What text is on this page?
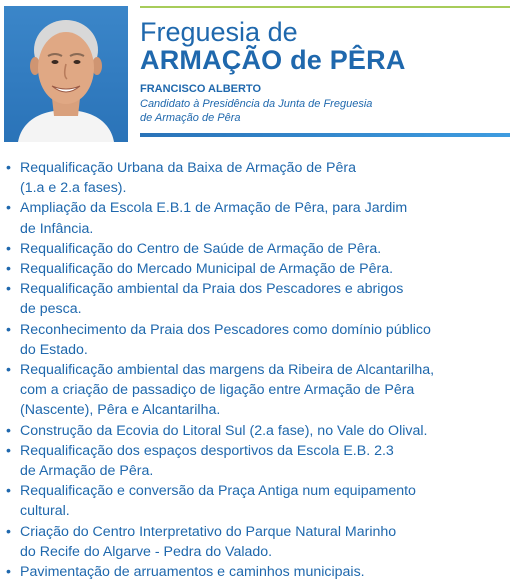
Freguesia de
ARMAÇÃO de PÊRA
FRANCISCO ALBERTO
Candidato à Presidência da Junta de Freguesia
de Armação de Pêra
• Requalificação Urbana da Baixa de Armação de Pêra
(1.a e 2.a fases).
• Ampliação da Escola E.B.1 de Armação de Pêra, para Jardim
de Infância.
• Requalificação do Centro de Saúde de Armação de Pêra.
• Requalificação do Mercado Municipal de Armação de Pêra.
• Requalificação ambiental da Praia dos Pescadores e abrigos
de pesca.
• Reconhecimento da Praia dos Pescadores como domínio público
do Estado.
• Requalificação ambiental das margens da Ribeira de Alcantarilha,
com a criação de passadiço de ligação entre Armação de Pêra
(Nascente), Pêra e Alcantarilha.
• Construção da Ecovia do Litoral Sul (2.a fase), no Vale do Olival.
• Requalificação dos espaços desportivos da Escola E.B. 2.3
de Armação de Pêra.
• Requalificação e conversão da Praça Antiga num equipamento
cultural.
• Criação do Centro Interpretativo do Parque Natural Marinho
do Recife do Algarve - Pedra do Valado.
• Pavimentação de arruamentos e caminhos municipais.
